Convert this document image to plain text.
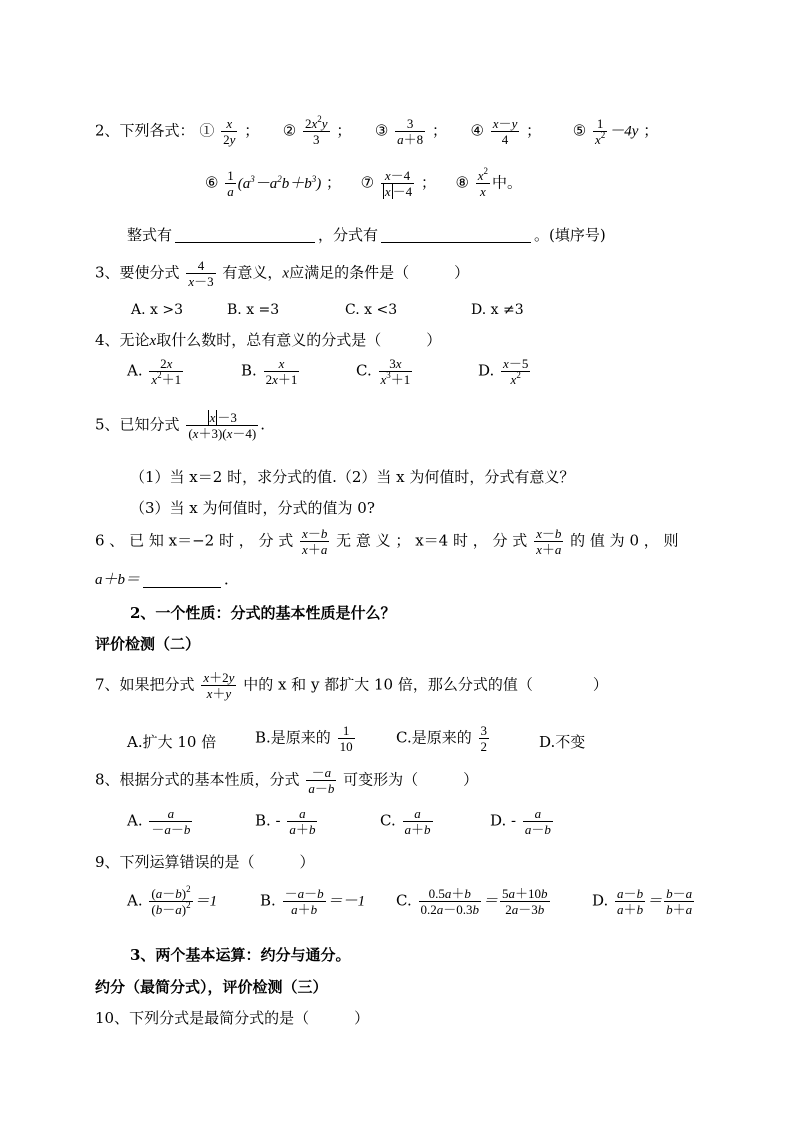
2、下列各式： ① $\frac{x}{2y}$ ； ② $\frac{2x^2y}{3}$ ； ③ $\frac{3}{a+8}$ ； ④ $\frac{x-y}{4}$ ； ⑤ $\frac{1}{x^2} -4y$ ；
⑥ $\frac{1}{a} (a^3-a^2b+b^3)$ ； ⑦ $\frac{x-4}{x -4}$ ； ⑧ $\frac{x^2}{x}$ 中。
整式有	，分式有	。(填序号)
3、要使分式 $\frac{4}{x-3}$ 有意义，x应满足的条件是（　　　）
A. x >3	B. x =3	C. x <3	D. x ≠3
4、无论x取什么数时，总有意义的分式是（　　　）
A. $\frac{2x}{x^2+1}$	B. $\frac{x}{2x+1}$	C. $\frac{3x}{x^3+1}$	D. $\frac{x-5}{x^2}$
5、已知分式 $\frac{x -3}{(x+3)(x-4)}$ .
（1）当 x＝2 时，求分式的值.（2）当 x 为何值时，分式有意义？
（3）当 x 为何值时，分式的值为 0?
6 、 已 知 x＝−2 时 ， 分 式 $\frac{x-b}{x+a}$ 无 意 义 ； x＝4 时 ， 分 式 $\frac{x-b}{x+a}$ 的 值 为 0 ， 则
a＋b＝	．
2、一个性质：分式的基本性质是什么？
评价检测（二）
7、如果把分式 $\frac{x+2y}{x+y}$ 中的 x 和 y 都扩大 10 倍，那么分式的值（　　　　）
A.扩大 10 倍	B.是原来的 $\frac{1}{10}$	C.是原来的 $\frac{3}{2}$	D.不变
8、根据分式的基本性质，分式 $\frac{-a}{a-b}$ 可变形为（　　　）
A. $\frac{a}{-a-b}$	B. - $\frac{a}{a+b}$	C. $\frac{a}{a+b}$	D. - $\frac{a}{a-b}$
9、下列运算错误的是（　　　）
A. $\frac{(a-b)^2}{(b-a)^2} =1$	B. $\frac{-a-b}{a+b} =-1$ C. $\frac{0.5a+b}{0.2a-0.3b} = \frac{5a+10b}{2a-3b}$	D. $\frac{a-b}{a+b} = \frac{b-a}{b+a}$
3、两个基本运算：约分与通分。
约分（最简分式），评价检测（三）
10、下列分式是最简分式的是（　　　）
